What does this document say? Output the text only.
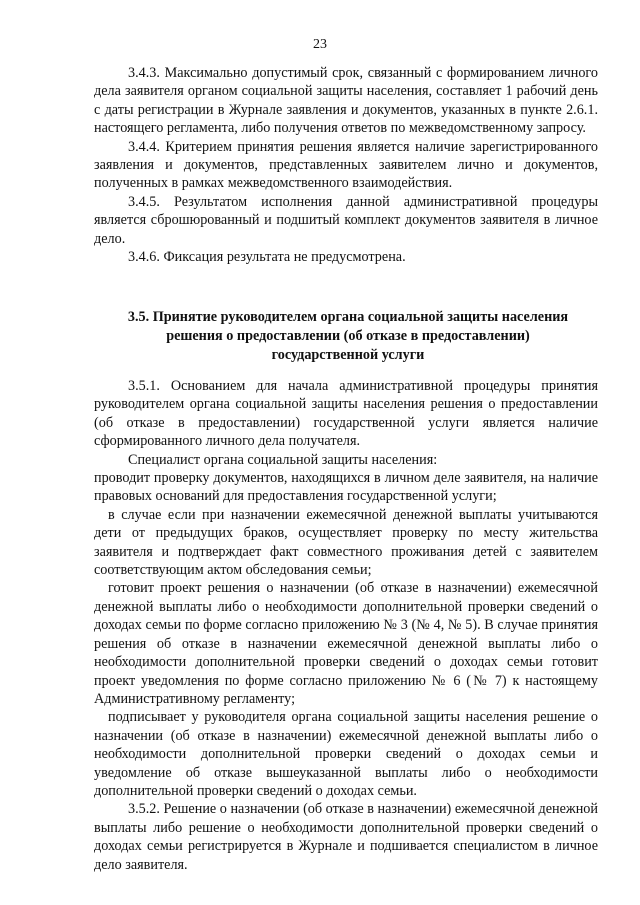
23

3.4.3. Максимально допустимый срок, связанный с формированием личного дела заявителя органом социальной защиты населения, составляет 1 рабочий день с даты регистрации в Журнале заявления и документов, указанных в пункте 2.6.1. настоящего регламента, либо получения ответов по межведомственному запросу.

3.4.4. Критерием принятия решения является наличие зарегистрированного заявления и документов, представленных заявителем лично и документов, полученных в рамках межведомственного взаимодействия.

3.4.5. Результатом исполнения данной административной процедуры является сброшюрованный и подшитый комплект документов заявителя в личное дело.

3.4.6. Фиксация результата не предусмотрена.

3.5. Принятие руководителем органа социальной защиты населения
решения о предоставлении (об отказе в предоставлении)
государственной услуги

3.5.1. Основанием для начала административной процедуры принятия руководителем органа социальной защиты населения решения о предоставлении (об отказе в предоставлении) государственной услуги является наличие сформированного личного дела получателя.

Специалист органа социальной защиты населения:

проводит проверку документов, находящихся в личном деле заявителя, на наличие правовых оснований для предоставления государственной услуги;

в случае если при назначении ежемесячной денежной выплаты учитываются дети от предыдущих браков, осуществляет проверку по месту жительства заявителя и подтверждает факт совместного проживания детей с заявителем соответствующим актом обследования семьи;

готовит проект решения о назначении (об отказе в назначении) ежемесячной денежной выплаты либо о необходимости дополнительной проверки сведений о доходах семьи по форме согласно приложению № 3 (№ 4, № 5). В случае принятия решения об отказе в назначении ежемесячной денежной выплаты либо о необходимости дополнительной проверки сведений о доходах семьи готовит проект уведомления по форме согласно приложению № 6 (№ 7) к настоящему Административному регламенту;

подписывает у руководителя органа социальной защиты населения решение о назначении (об отказе в назначении) ежемесячной денежной выплаты либо о необходимости дополнительной проверки сведений о доходах семьи и уведомление об отказе вышеуказанной выплаты либо о необходимости дополнительной проверки сведений о доходах семьи.

3.5.2. Решение о назначении (об отказе в назначении) ежемесячной денежной выплаты либо решение о необходимости дополнительной проверки сведений о доходах семьи регистрируется в Журнале и подшивается специалистом в личное дело заявителя.
